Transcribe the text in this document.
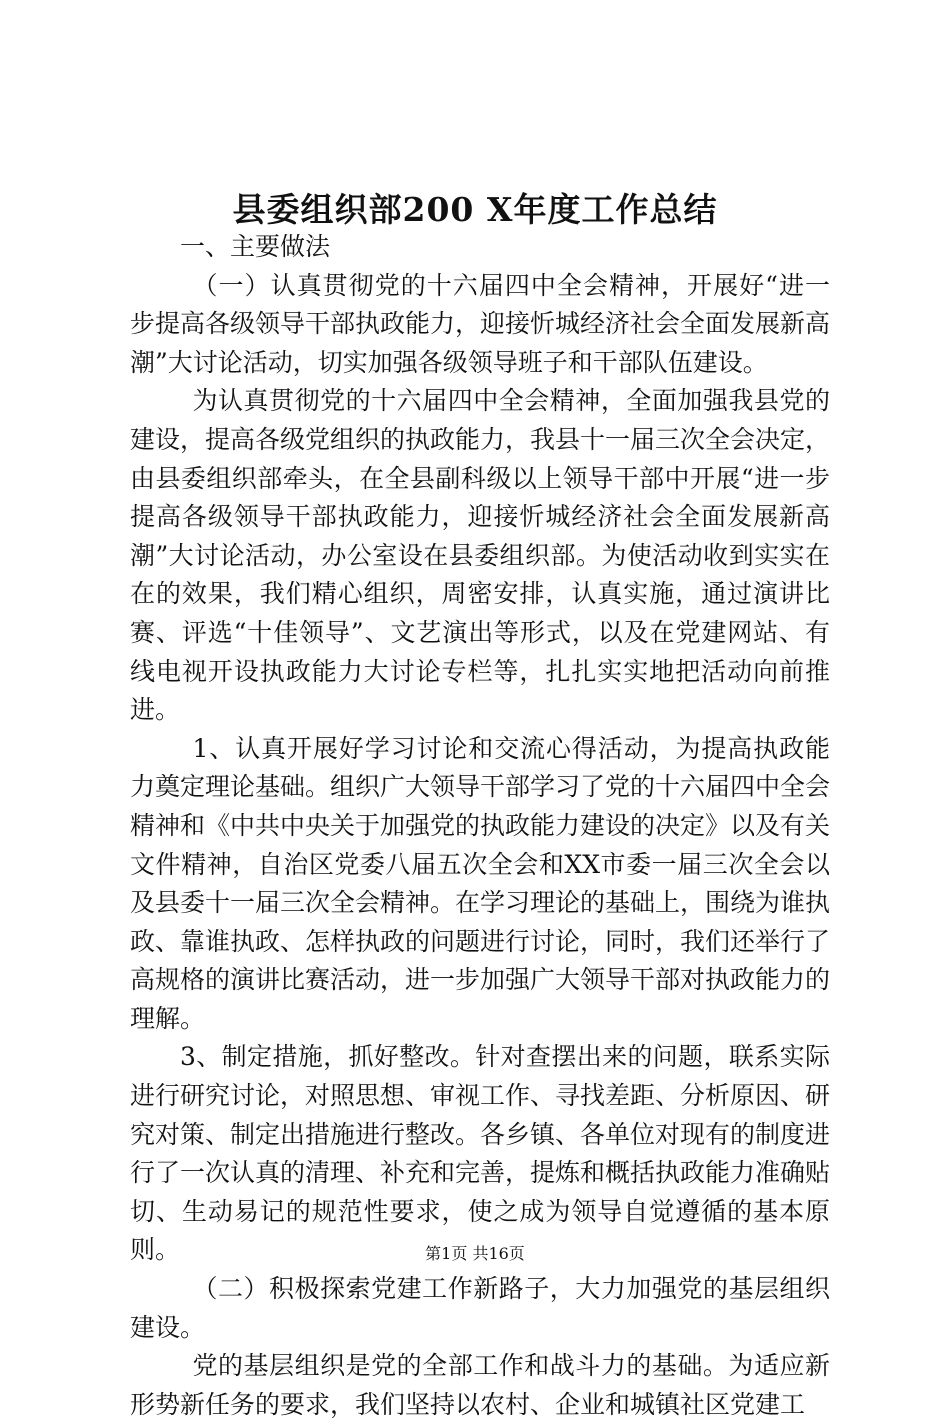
县委组织部200 X年度工作总结

一、主要做法

（一）认真贯彻党的十六届四中全会精神，开展好“进一步提高各级领导干部执政能力，迎接忻城经济社会全面发展新高潮”大讨论活动，切实加强各级领导班子和干部队伍建设。

为认真贯彻党的十六届四中全会精神，全面加强我县党的建设，提高各级党组织的执政能力，我县十一届三次全会决定，由县委组织部牵头，在全县副科级以上领导干部中开展“进一步提高各级领导干部执政能力，迎接忻城经济社会全面发展新高潮”大讨论活动，办公室设在县委组织部。为使活动收到实实在在的效果，我们精心组织，周密安排，认真实施，通过演讲比赛、评选“十佳领导”、文艺演出等形式，以及在党建网站、有线电视开设执政能力大讨论专栏等，扎扎实实地把活动向前推进。

1、认真开展好学习讨论和交流心得活动，为提高执政能力奠定理论基础。组织广大领导干部学习了党的十六届四中全会精神和《中共中央关于加强党的执政能力建设的决定》以及有关文件精神，自治区党委八届五次全会和XX市委一届三次全会以及县委十一届三次全会精神。在学习理论的基础上，围绕为谁执政、靠谁执政、怎样执政的问题进行讨论，同时，我们还举行了高规格的演讲比赛活动，进一步加强广大领导干部对执政能力的理解。

3、制定措施，抓好整改。针对查摆出来的问题，联系实际进行研究讨论，对照思想、审视工作、寻找差距、分析原因、研究对策、制定出措施进行整改。各乡镇、各单位对现有的制度进行了一次认真的清理、补充和完善，提炼和概括执政能力准确贴切、生动易记的规范性要求，使之成为领导自觉遵循的基本原则。

（二）积极探索党建工作新路子，大力加强党的基层组织建设。

党的基层组织是党的全部工作和战斗力的基础。为适应新形势新任务的要求，我们坚持以农村、企业和城镇社区党建工

第1页 共16页
